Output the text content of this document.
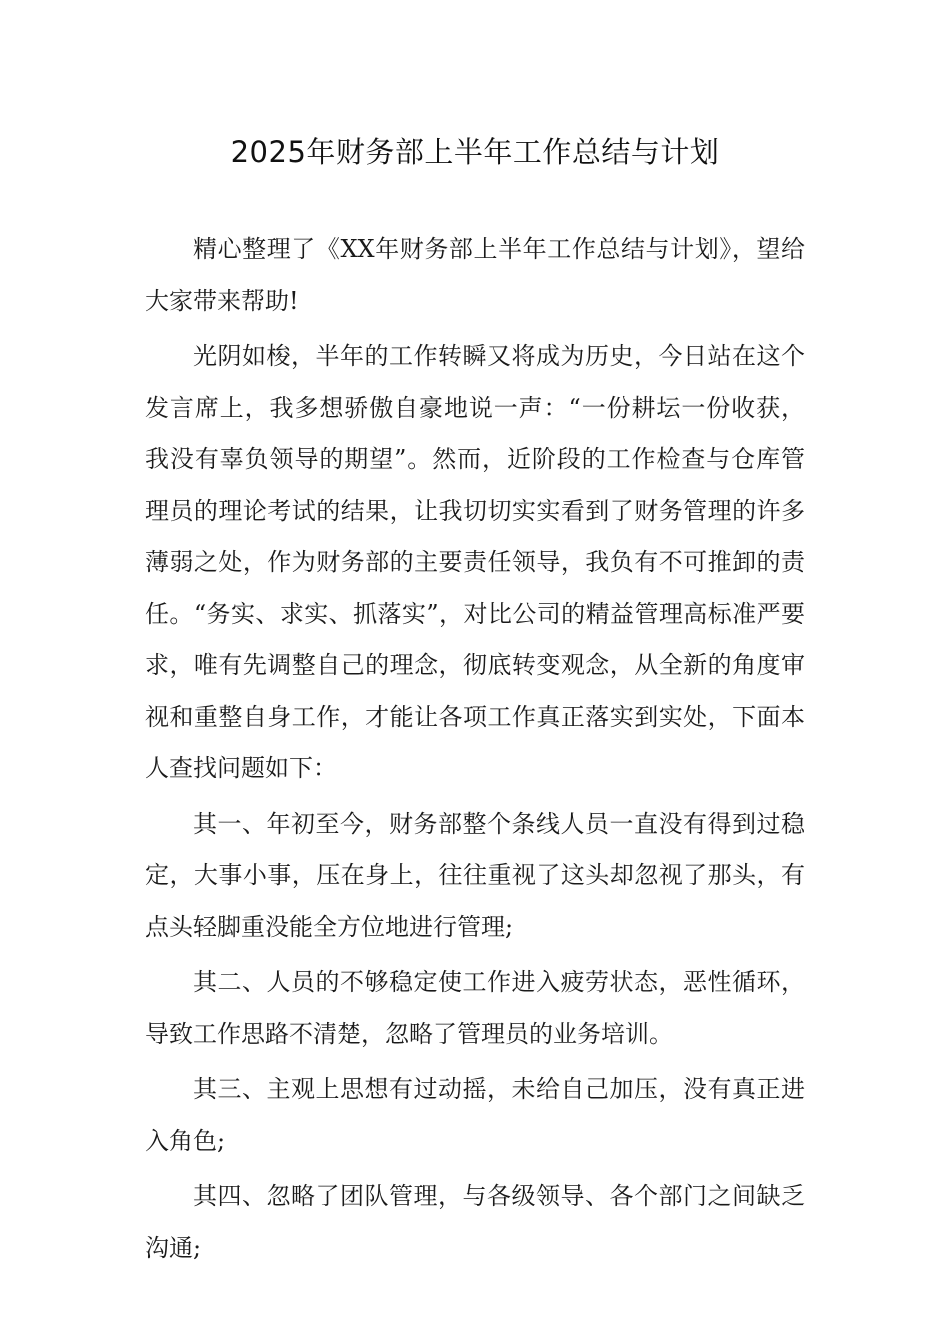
2025年财务部上半年工作总结与计划

精心整理了《XX年财务部上半年工作总结与计划》，望给大家带来帮助!

光阴如梭，半年的工作转瞬又将成为历史，今日站在这个发言席上，我多想骄傲自豪地说一声：“一份耕坛一份收获，我没有辜负领导的期望”。然而，近阶段的工作检查与仓库管理员的理论考试的结果，让我切切实实看到了财务管理的许多薄弱之处，作为财务部的主要责任领导，我负有不可推卸的责任。“务实、求实、抓落实”，对比公司的精益管理高标准严要求，唯有先调整自己的理念，彻底转变观念，从全新的角度审视和重整自身工作，才能让各项工作真正落实到实处，下面本人查找问题如下：

其一、年初至今，财务部整个条线人员一直没有得到过稳定，大事小事，压在身上，往往重视了这头却忽视了那头，有点头轻脚重没能全方位地进行管理;

其二、人员的不够稳定使工作进入疲劳状态，恶性循环，导致工作思路不清楚，忽略了管理员的业务培训。

其三、主观上思想有过动摇，未给自己加压，没有真正进入角色;

其四、忽略了团队管理，与各级领导、各个部门之间缺乏沟通;
